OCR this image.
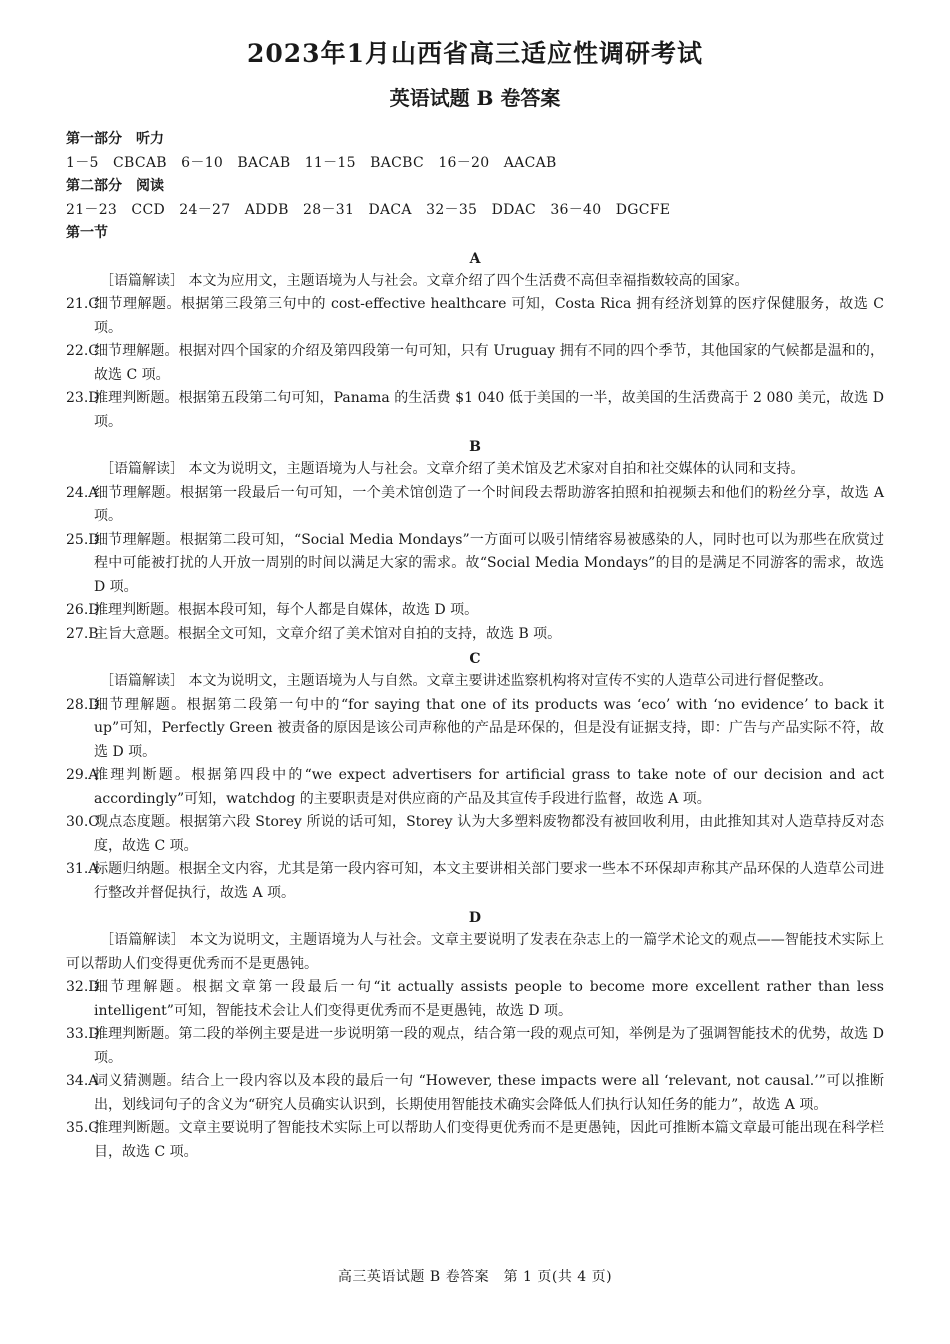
2023年1月山西省高三适应性调研考试
英语试题 B 卷答案

第一部分　听力

1－5　CBCAB　6－10　BACAB　11－15　BACBC　16－20　AACAB

第二部分　阅读

21－23　CCD　24－27　ADDB　28－31　DACA　32－35　DDAC　36－40　DGCFE

第一节

A

［语篇解读］ 本文为应用文，主题语境为人与社会。文章介绍了四个生活费不高但幸福指数较高的国家。

21.C
细节理解题。根据第三段第三句中的 cost-effective healthcare 可知，Costa Rica 拥有经济划算的医疗保健服务，故选 C 项。

22.C
细节理解题。根据对四个国家的介绍及第四段第一句可知，只有 Uruguay 拥有不同的四个季节，其他国家的气候都是温和的，故选 C 项。

23.D
推理判断题。根据第五段第二句可知，Panama 的生活费 $1 040 低于美国的一半，故美国的生活费高于 2 080 美元，故选 D 项。

B

［语篇解读］ 本文为说明文，主题语境为人与社会。文章介绍了美术馆及艺术家对自拍和社交媒体的认同和支持。

24.A
细节理解题。根据第一段最后一句可知，一个美术馆创造了一个时间段去帮助游客拍照和拍视频去和他们的粉丝分享，故选 A 项。

25.D
细节理解题。根据第二段可知，“Social Media Mondays”一方面可以吸引情绪容易被感染的人，同时也可以为那些在欣赏过程中可能被打扰的人开放一周别的时间以满足大家的需求。故“Social Media Mondays”的目的是满足不同游客的需求，故选 D 项。

26.D
推理判断题。根据本段可知，每个人都是自媒体，故选 D 项。

27.B
主旨大意题。根据全文可知，文章介绍了美术馆对自拍的支持，故选 B 项。

C

［语篇解读］ 本文为说明文，主题语境为人与自然。文章主要讲述监察机构将对宣传不实的人造草公司进行督促整改。

28.D
细节理解题。根据第二段第一句中的“for saying that one of its products was ‘eco’ with ‘no evidence’ to back it up”可知，Perfectly Green 被责备的原因是该公司声称他的产品是环保的，但是没有证据支持，即：广告与产品实际不符，故选 D 项。

29.A
推理判断题。根据第四段中的“we expect advertisers for artificial grass to take note of our decision and act accordingly”可知，watchdog 的主要职责是对供应商的产品及其宣传手段进行监督，故选 A 项。

30.C
观点态度题。根据第六段 Storey 所说的话可知，Storey 认为大多塑料废物都没有被回收利用，由此推知其对人造草持反对态度，故选 C 项。

31.A
标题归纳题。根据全文内容，尤其是第一段内容可知，本文主要讲相关部门要求一些本不环保却声称其产品环保的人造草公司进行整改并督促执行，故选 A 项。

D

［语篇解读］ 本文为说明文，主题语境为人与社会。文章主要说明了发表在杂志上的一篇学术论文的观点——智能技术实际上可以帮助人们变得更优秀而不是更愚钝。

32.D
细节理解题。根据文章第一段最后一句“it actually assists people to become more excellent rather than less intelligent”可知，智能技术会让人们变得更优秀而不是更愚钝，故选 D 项。

33.D
推理判断题。第二段的举例主要是进一步说明第一段的观点，结合第一段的观点可知，举例是为了强调智能技术的优势，故选 D 项。

34.A
词义猜测题。结合上一段内容以及本段的最后一句 “However, these impacts were all ‘relevant, not causal.’”可以推断出，划线词句子的含义为“研究人员确实认识到，长期使用智能技术确实会降低人们执行认知任务的能力”，故选 A 项。

35.C
推理判断题。文章主要说明了智能技术实际上可以帮助人们变得更优秀而不是更愚钝，因此可推断本篇文章最可能出现在科学栏目，故选 C 项。

高三英语试题 B 卷答案　第 1 页(共 4 页)
